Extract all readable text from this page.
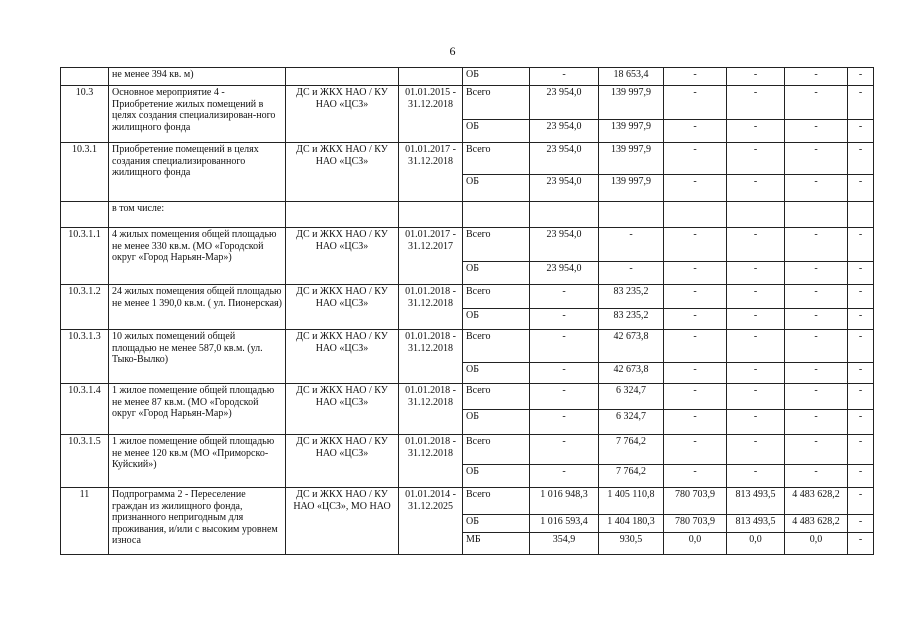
6
	не менее 394 кв. м)			ОБ	-	18 653,4	-	-	-	-
10.3	Основное мероприятие 4 - Приобретение жилых помещений в целях создания специализирован-ного жилищного фонда	ДС и ЖКХ НАО / КУ НАО «ЦСЗ»	01.01.2015 - 31.12.2018	Всего	23 954,0	139 997,9	-	-	-	-
				ОБ	23 954,0	139 997,9	-	-	-	-
10.3.1	Приобретение помещений в целях создания специализированного жилищного фонда	ДС и ЖКХ НАО / КУ НАО «ЦСЗ»	01.01.2017 - 31.12.2018	Всего	23 954,0	139 997,9	-	-	-	-
				ОБ	23 954,0	139 997,9	-	-	-	-
	в том числе:									
10.3.1.1	4 жилых помещения общей площадью не менее 330 кв.м. (МО «Городской округ «Город Нарьян-Мар»)	ДС и ЖКХ НАО / КУ НАО «ЦСЗ»	01.01.2017 - 31.12.2017	Всего	23 954,0	-	-	-	-	-
				ОБ	23 954,0	-	-	-	-	-
10.3.1.2	24 жилых помещения общей площадью не менее 1 390,0 кв.м. ( ул. Пионерская)	ДС и ЖКХ НАО / КУ НАО «ЦСЗ»	01.01.2018 - 31.12.2018	Всего	-	83 235,2	-	-	-	-
				ОБ	-	83 235,2	-	-	-	-
10.3.1.3	10 жилых помещений общей площадью не менее 587,0 кв.м. (ул. Тыко-Вылко)	ДС и ЖКХ НАО / КУ НАО «ЦСЗ»	01.01.2018 - 31.12.2018	Всего	-	42 673,8	-	-	-	-
				ОБ	-	42 673,8	-	-	-	-
10.3.1.4	1 жилое помещение общей площадью не менее 87 кв.м. (МО «Городской округ «Город Нарьян-Мар»)	ДС и ЖКХ НАО / КУ НАО «ЦСЗ»	01.01.2018 - 31.12.2018	Всего	-	6 324,7	-	-	-	-
				ОБ	-	6 324,7	-	-	-	-
10.3.1.5	1 жилое помещение общей площадью не менее 120 кв.м (МО «Приморско-Куйский»)	ДС и ЖКХ НАО / КУ НАО «ЦСЗ»	01.01.2018 - 31.12.2018	Всего	-	7 764,2	-	-	-	-
				ОБ	-	7 764,2	-	-	-	-
11	Подпрограмма 2 - Переселение граждан из жилищного фонда, признанного непригодным для проживания, и/или с высоким уровнем износа	ДС и ЖКХ НАО / КУ НАО «ЦСЗ», МО НАО	01.01.2014 - 31.12.2025	Всего	1 016 948,3	1 405 110,8	780 703,9	813 493,5	4 483 628,2	-
				ОБ	1 016 593,4	1 404 180,3	780 703,9	813 493,5	4 483 628,2	-
				МБ	354,9	930,5	0,0	0,0	0,0	-
